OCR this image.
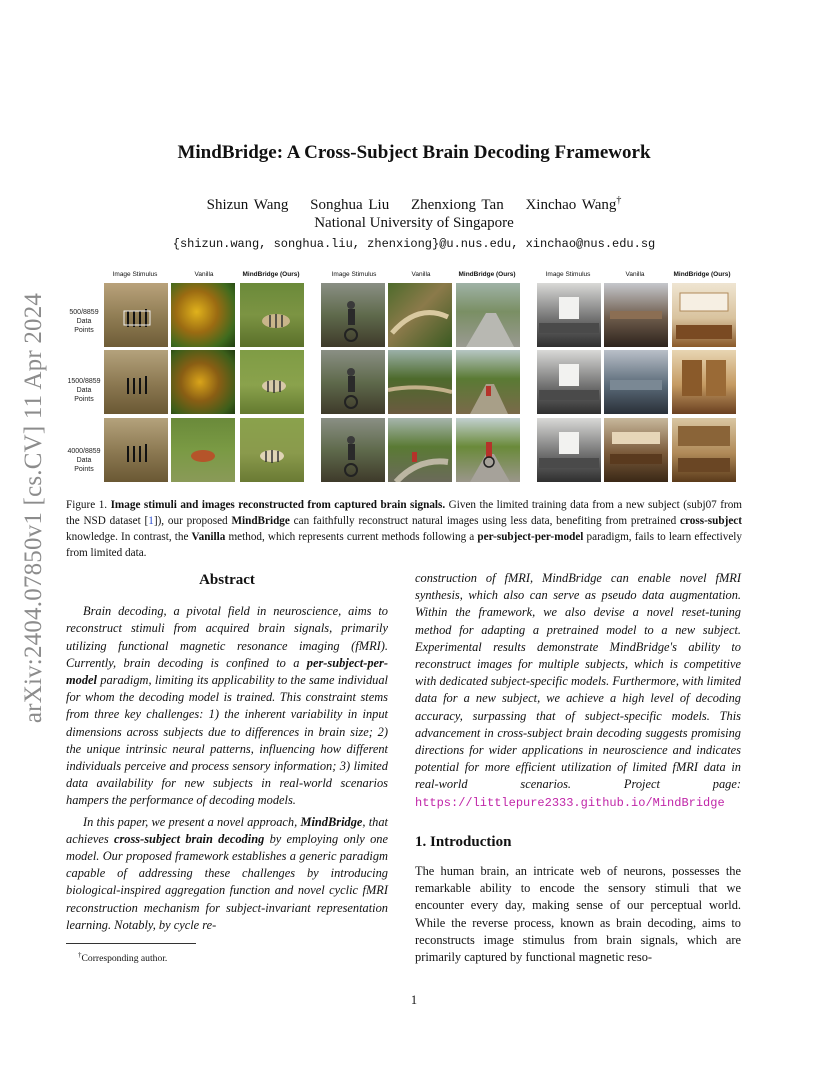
arXiv:2404.07850v1 [cs.CV] 11 Apr 2024
MindBridge: A Cross-Subject Brain Decoding Framework
Shizun Wang Songhua Liu Zhenxiong Tan Xinchao Wang†
National University of Singapore
{shizun.wang, songhua.liu, zhenxiong}@u.nus.edu, xinchao@nus.edu.sg
500/8859
Data Points
1500/8859
Data Points
4000/8859
Data Points
Image Stimulus	Vanilla	MindBridge (Ours)	Image Stimulus	Vanilla	MindBridge (Ours)	Image Stimulus	Vanilla	MindBridge (Ours)
Figure 1. Image stimuli and images reconstructed from captured brain signals. Given the limited training data from a new subject (subj07 from the NSD dataset [1]), our proposed MindBridge can faithfully reconstruct natural images using less data, benefiting from pretrained cross-subject knowledge. In contrast, the Vanilla method, which represents current methods following a per-subject-per-model paradigm, fails to learn effectively from limited data.
Abstract

Brain decoding, a pivotal field in neuroscience, aims to reconstruct stimuli from acquired brain signals, primarily utilizing functional magnetic resonance imaging (fMRI). Currently, brain decoding is confined to a per-subject-per-model paradigm, limiting its applicability to the same individual for whom the decoding model is trained. This constraint stems from three key challenges: 1) the inherent variability in input dimensions across subjects due to differences in brain size; 2) the unique intrinsic neural patterns, influencing how different individuals perceive and process sensory information; 3) limited data availability for new subjects in real-world scenarios hampers the performance of decoding models.

In this paper, we present a novel approach, MindBridge, that achieves cross-subject brain decoding by employing only one model. Our proposed framework establishes a generic paradigm capable of addressing these challenges by introducing biological-inspired aggregation function and novel cyclic fMRI reconstruction mechanism for subject-invariant representation learning. Notably, by cycle re-

construction of fMRI, MindBridge can enable novel fMRI synthesis, which also can serve as pseudo data augmentation. Within the framework, we also devise a novel reset-tuning method for adapting a pretrained model to a new subject. Experimental results demonstrate MindBridge's ability to reconstruct images for multiple subjects, which is competitive with dedicated subject-specific models. Furthermore, with limited data for a new subject, we achieve a high level of decoding accuracy, surpassing that of subject-specific models. This advancement in cross-subject brain decoding suggests promising directions for wider applications in neuroscience and indicates potential for more efficient utilization of limited fMRI data in real-world scenarios. Project page: https://littlepure2333.github.io/MindBridge

1. Introduction

The human brain, an intricate web of neurons, possesses the remarkable ability to encode the sensory stimuli that we encounter every day, making sense of our perceptual world. While the reverse process, known as brain decoding, aims to reconstructs image stimulus from brain signals, which are primarily captured by functional magnetic reso-

†Corresponding author.
1
